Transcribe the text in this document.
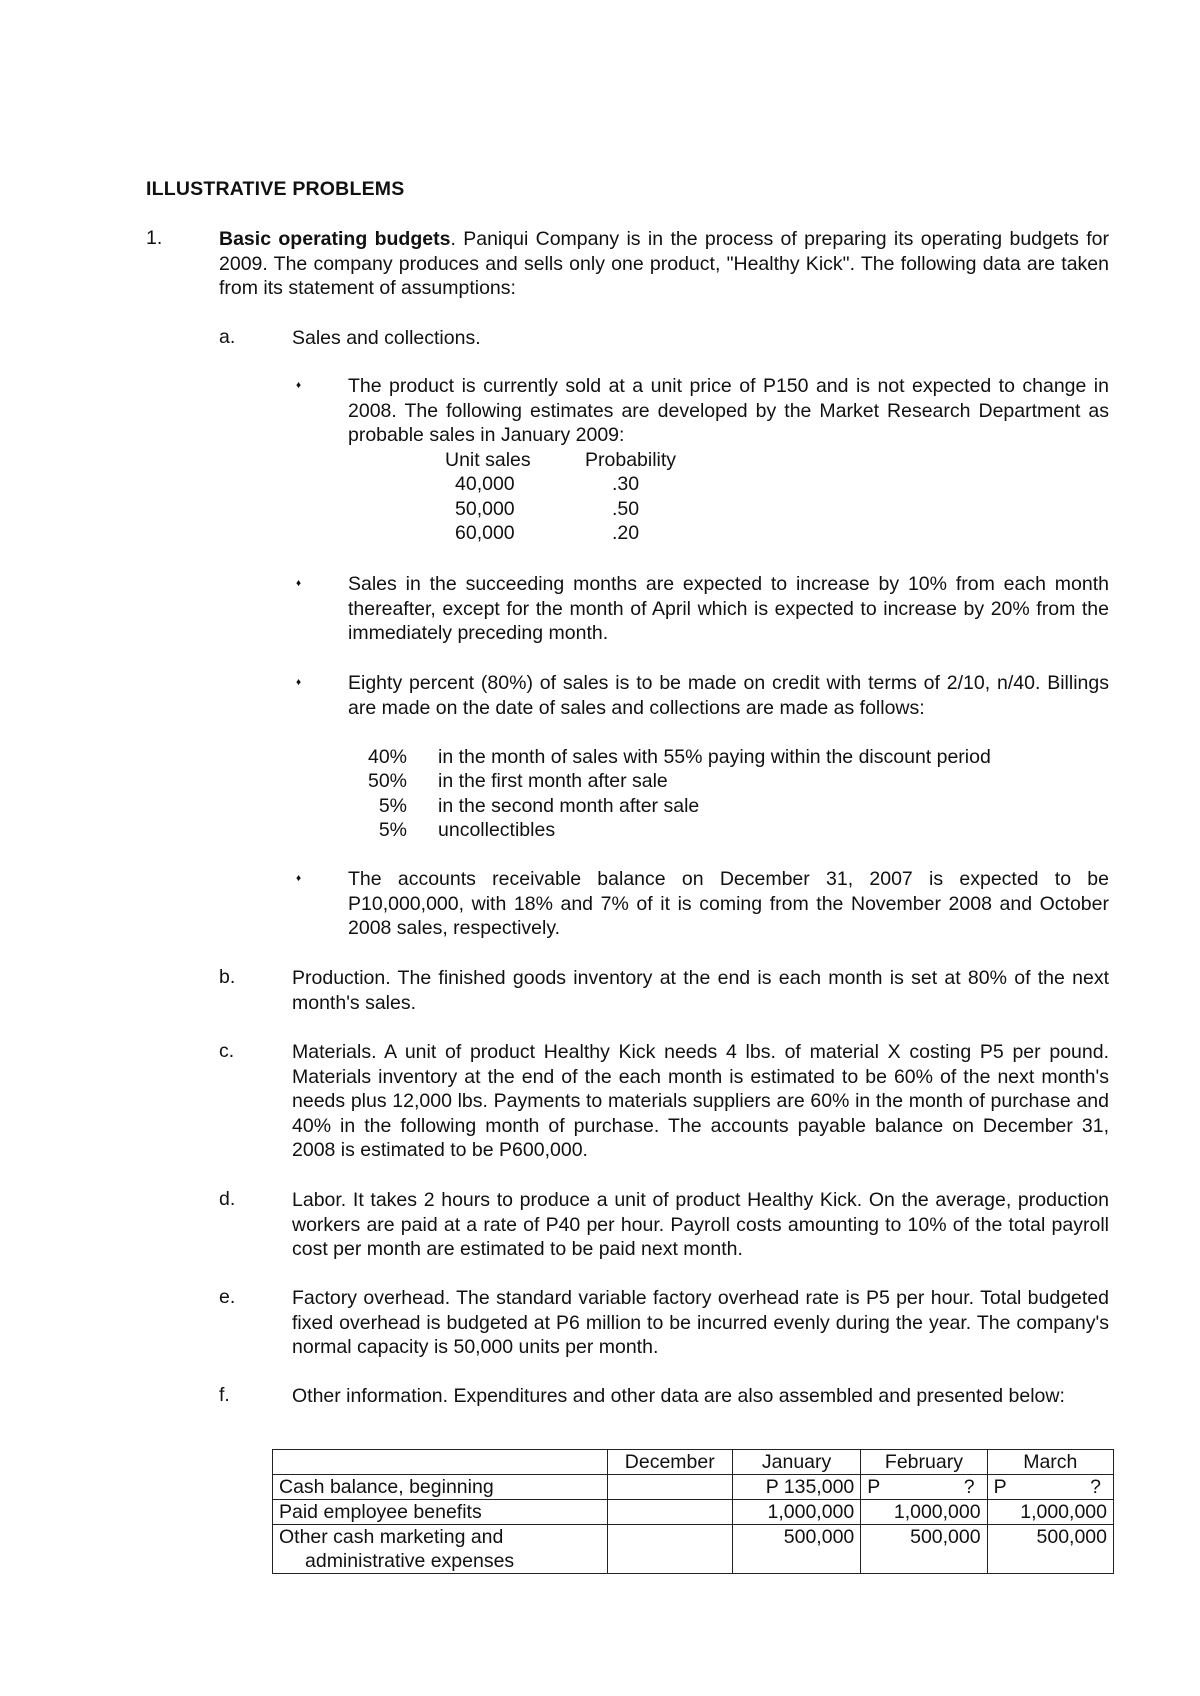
ILLUSTRATIVE PROBLEMS
1.	Basic operating budgets. Paniqui Company is in the process of preparing its operating budgets for 2009. The company produces and sells only one product, "Healthy Kick". The following data are taken from its statement of assumptions:
a.	Sales and collections.
♦ The product is currently sold at a unit price of P150 and is not expected to change in 2008. The following estimates are developed by the Market Research Department as probable sales in January 2009:
Unit sales	Probability
40,000	.30
50,000	.50
60,000	.20
♦ Sales in the succeeding months are expected to increase by 10% from each month thereafter, except for the month of April which is expected to increase by 20% from the immediately preceding month.
♦ Eighty percent (80%) of sales is to be made on credit with terms of 2/10, n/40. Billings are made on the date of sales and collections are made as follows:
40% in the month of sales with 55% paying within the discount period
50% in the first month after sale
5% in the second month after sale
5% uncollectibles
♦ The accounts receivable balance on December 31, 2007 is expected to be P10,000,000, with 18% and 7% of it is coming from the November 2008 and October 2008 sales, respectively.
b.	Production. The finished goods inventory at the end is each month is set at 80% of the next month's sales.
c.	Materials. A unit of product Healthy Kick needs 4 lbs. of material X costing P5 per pound. Materials inventory at the end of the each month is estimated to be 60% of the next month's needs plus 12,000 lbs. Payments to materials suppliers are 60% in the month of purchase and 40% in the following month of purchase. The accounts payable balance on December 31, 2008 is estimated to be P600,000.
d.	Labor. It takes 2 hours to produce a unit of product Healthy Kick. On the average, production workers are paid at a rate of P40 per hour. Payroll costs amounting to 10% of the total payroll cost per month are estimated to be paid next month.
e.	Factory overhead. The standard variable factory overhead rate is P5 per hour. Total budgeted fixed overhead is budgeted at P6 million to be incurred evenly during the year. The company's normal capacity is 50,000 units per month.
f.	Other information. Expenditures and other data are also assembled and presented below:
	December	January	February	March
Cash balance, beginning		P 135,000	P ?	P ?

Paid employee benefits		1,000,000	1,000,000	1,000,000

Other cash marketing and
administrative expenses		500,000	500,000	500,000
